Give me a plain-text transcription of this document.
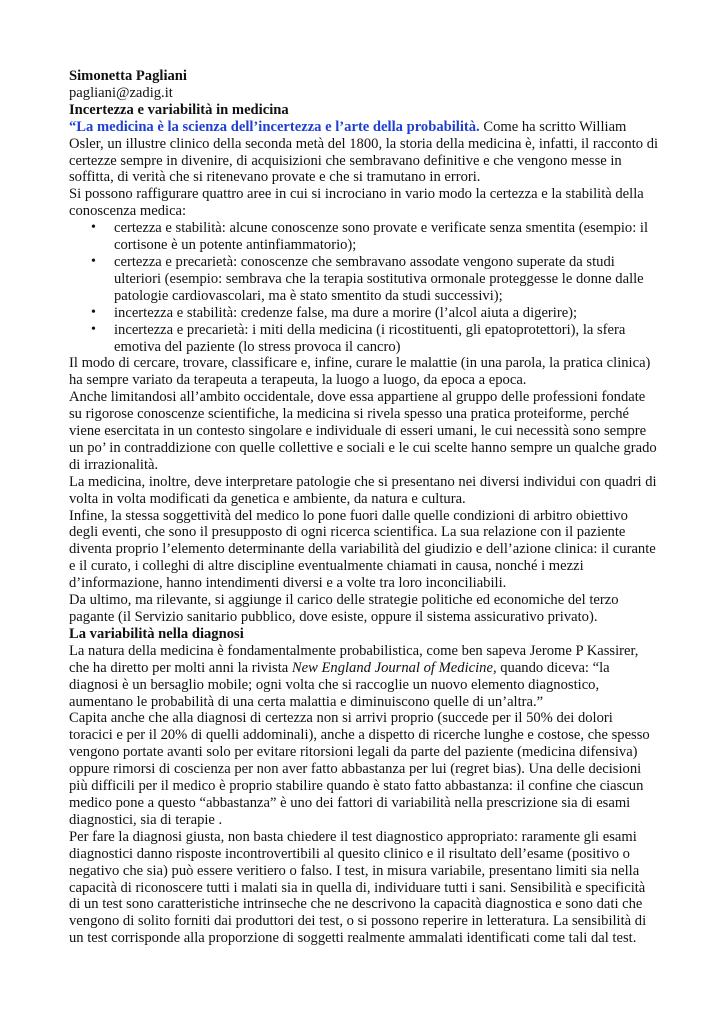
Simonetta Pagliani

pagliani@zadig.it

Incertezza e variabilità in medicina

“La medicina è la scienza dell’incertezza e l’arte della probabilità. Come ha scritto William Osler, un illustre clinico della seconda metà del 1800, la storia della medicina è, infatti, il racconto di certezze sempre in divenire, di acquisizioni che sembravano definitive e che vengono messe in soffitta, di verità che si ritenevano provate e che si tramutano in errori.

Si possono raffigurare quattro aree in cui si incrociano in vario modo la certezza e la stabilità della conoscenza medica:

• certezza e stabilità: alcune conoscenze sono provate e verificate senza smentita (esempio: il cortisone è un potente antinfiammatorio);
• certezza e precarietà: conoscenze che sembravano assodate vengono superate da studi ulteriori (esempio: sembrava che la terapia sostitutiva ormonale proteggesse le donne dalle patologie cardiovascolari, ma è stato smentito da studi successivi);
• incertezza e stabilità: credenze false, ma dure a morire (l’alcol aiuta a digerire);
• incertezza e precarietà: i miti della medicina (i ricostituenti, gli epatoprotettori), la sfera emotiva del paziente (lo stress provoca il cancro)

Il modo di cercare, trovare, classificare e, infine, curare le malattie (in una parola, la pratica clinica) ha sempre variato da terapeuta a terapeuta, la luogo a luogo, da epoca a epoca.

Anche limitandosi all’ambito occidentale, dove essa appartiene al gruppo delle professioni fondate su rigorose conoscenze scientifiche, la medicina si rivela spesso una pratica proteiforme, perché viene esercitata in un contesto singolare e individuale di esseri umani, le cui necessità sono sempre un po’ in contraddizione con quelle collettive e sociali e le cui scelte hanno sempre un qualche grado di irrazionalità.

La medicina, inoltre, deve interpretare patologie che si presentano nei diversi individui con quadri di volta in volta modificati da genetica e ambiente, da natura e cultura.

Infine, la stessa soggettività del medico lo pone fuori dalle quelle condizioni di arbitro obiettivo degli eventi, che sono il presupposto di ogni ricerca scientifica. La sua relazione con il paziente diventa proprio l’elemento determinante della variabilità del giudizio e dell’azione clinica: il curante e il curato, i colleghi di altre discipline eventualmente chiamati in causa, nonché i mezzi d’informazione, hanno intendimenti diversi e a volte tra loro inconciliabili.

Da ultimo, ma rilevante, si aggiunge il carico delle strategie politiche ed economiche del terzo pagante (il Servizio sanitario pubblico, dove esiste, oppure il sistema assicurativo privato).

La variabilità nella diagnosi

La natura della medicina è fondamentalmente probabilistica, come ben sapeva Jerome P Kassirer, che ha diretto per molti anni la rivista New England Journal of Medicine, quando diceva: “la diagnosi è un bersaglio mobile; ogni volta che si raccoglie un nuovo elemento diagnostico, aumentano le probabilità di una certa malattia e diminuiscono quelle di un’altra.”

Capita anche che alla diagnosi di certezza non si arrivi proprio (succede per il 50% dei dolori toracici e per il 20% di quelli addominali), anche a dispetto di ricerche lunghe e costose, che spesso vengono portate avanti solo per evitare ritorsioni legali da parte del paziente (medicina difensiva) oppure rimorsi di coscienza per non aver fatto abbastanza per lui (regret bias). Una delle decisioni più difficili per il medico è proprio stabilire quando è stato fatto abbastanza: il confine che ciascun medico pone a questo “abbastanza” è uno dei fattori di variabilità nella prescrizione sia di esami diagnostici, sia di terapie .

Per fare la diagnosi giusta, non basta chiedere il test diagnostico appropriato: raramente gli esami diagnostici danno risposte incontrovertibili al quesito clinico e il risultato dell’esame (positivo o negativo che sia) può essere veritiero o falso. I test, in misura variabile, presentano limiti sia nella capacità di riconoscere tutti i malati sia in quella di, individuare tutti i sani. Sensibilità e specificità di un test sono caratteristiche intrinseche che ne descrivono la capacità diagnostica e sono dati che vengono di solito forniti dai produttori dei test, o si possono reperire in letteratura. La sensibilità di un test corrisponde alla proporzione di soggetti realmente ammalati identificati come tali dal test.
